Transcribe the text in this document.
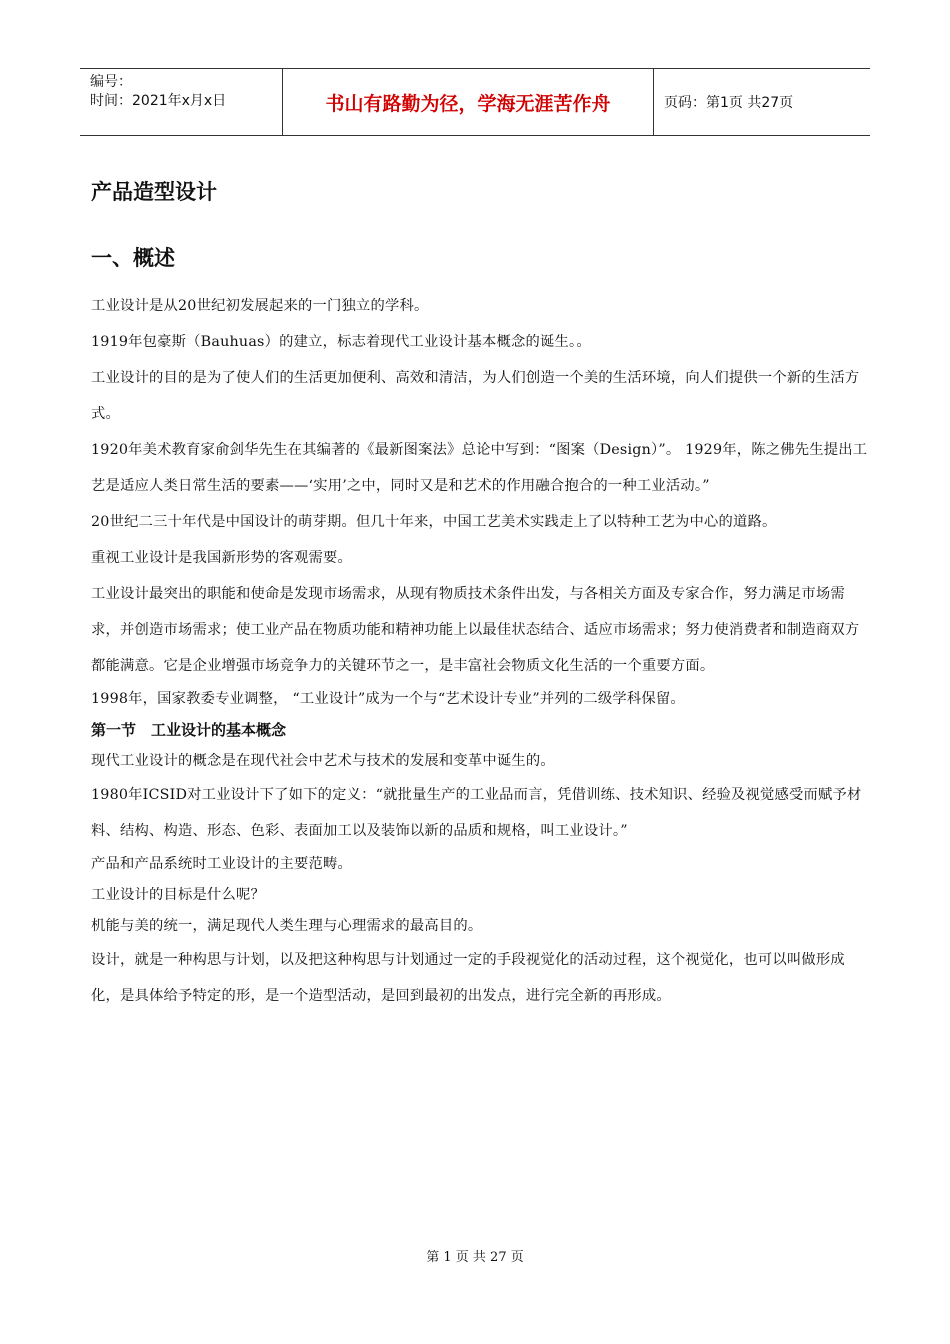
编号：
时间：2021年x月x日	书山有路勤为径，学海无涯苦作舟	页码：第1页 共27页
产品造型设计
一、概述

工业设计是从20世纪初发展起来的一门独立的学科。

1919年包豪斯（Bauhuas）的建立，标志着现代工业设计基本概念的诞生。。

工业设计的目的是为了使人们的生活更加便利、高效和清洁，为人们创造一个美的生活环境，向人们提供一个新的生活方式。

1920年美术教育家俞剑华先生在其编著的《最新图案法》总论中写到：“图案（Design）”。 1929年，陈之佛先生提出工艺是适应人类日常生活的要素——‘实用’之中，同时又是和艺术的作用融合抱合的一种工业活动。”

20世纪二三十年代是中国设计的萌芽期。但几十年来，中国工艺美术实践走上了以特种工艺为中心的道路。

重视工业设计是我国新形势的客观需要。

工业设计最突出的职能和使命是发现市场需求，从现有物质技术条件出发，与各相关方面及专家合作，努力满足市场需求，并创造市场需求；使工业产品在物质功能和精神功能上以最佳状态结合、适应市场需求；努力使消费者和制造商双方都能满意。它是企业增强市场竞争力的关键环节之一，是丰富社会物质文化生活的一个重要方面。

1998年，国家教委专业调整， “工业设计”成为一个与“艺术设计专业”并列的二级学科保留。

第一节　工业设计的基本概念

现代工业设计的概念是在现代社会中艺术与技术的发展和变革中诞生的。

1980年ICSID对工业设计下了如下的定义：“就批量生产的工业品而言，凭借训练、技术知识、经验及视觉感受而赋予材料、结构、构造、形态、色彩、表面加工以及装饰以新的品质和规格，叫工业设计。”

产品和产品系统时工业设计的主要范畴。

工业设计的目标是什么呢？

机能与美的统一，满足现代人类生理与心理需求的最高目的。

设计，就是一种构思与计划，以及把这种构思与计划通过一定的手段视觉化的活动过程，这个视觉化，也可以叫做形成化，是具体给予特定的形，是一个造型活动，是回到最初的出发点，进行完全新的再形成。

第 1 页 共 27 页
